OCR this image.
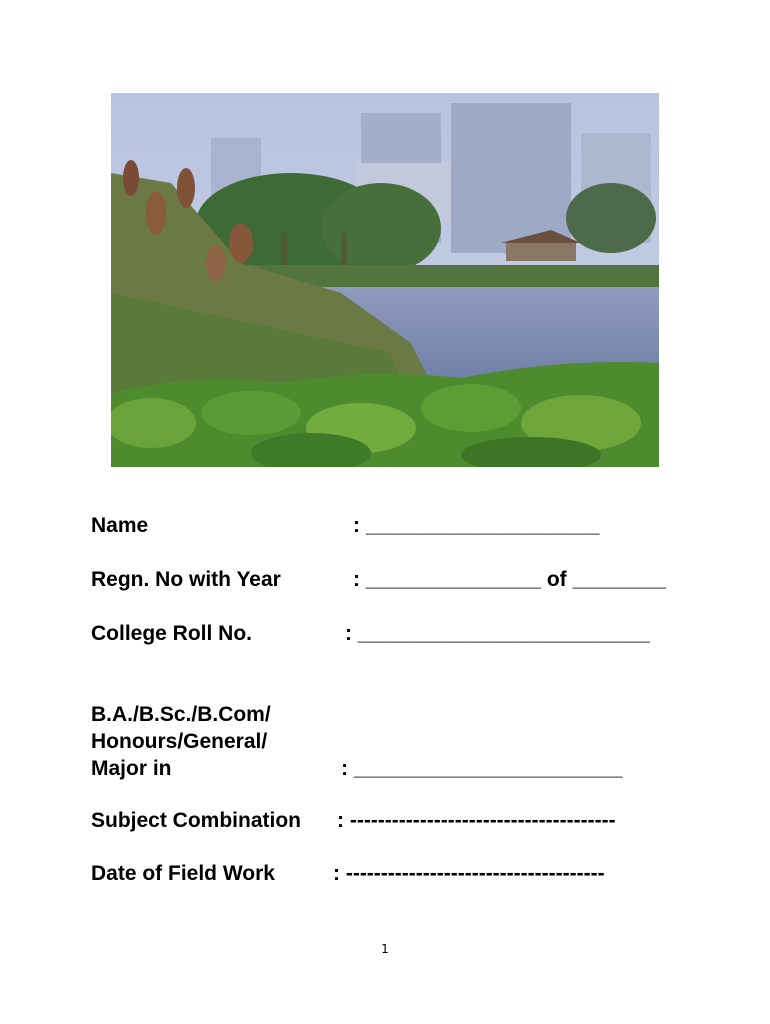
Name

	: ____________________

Regn. No with Year

	: _______________ of ________

College Roll No.

	: _________________________

B.A./B.Sc./B.Com/

Honours/General/

Major in

	: _______________________

Subject Combination

: --------------------------------------

Date of Field Work

	: -------------------------------------

1
